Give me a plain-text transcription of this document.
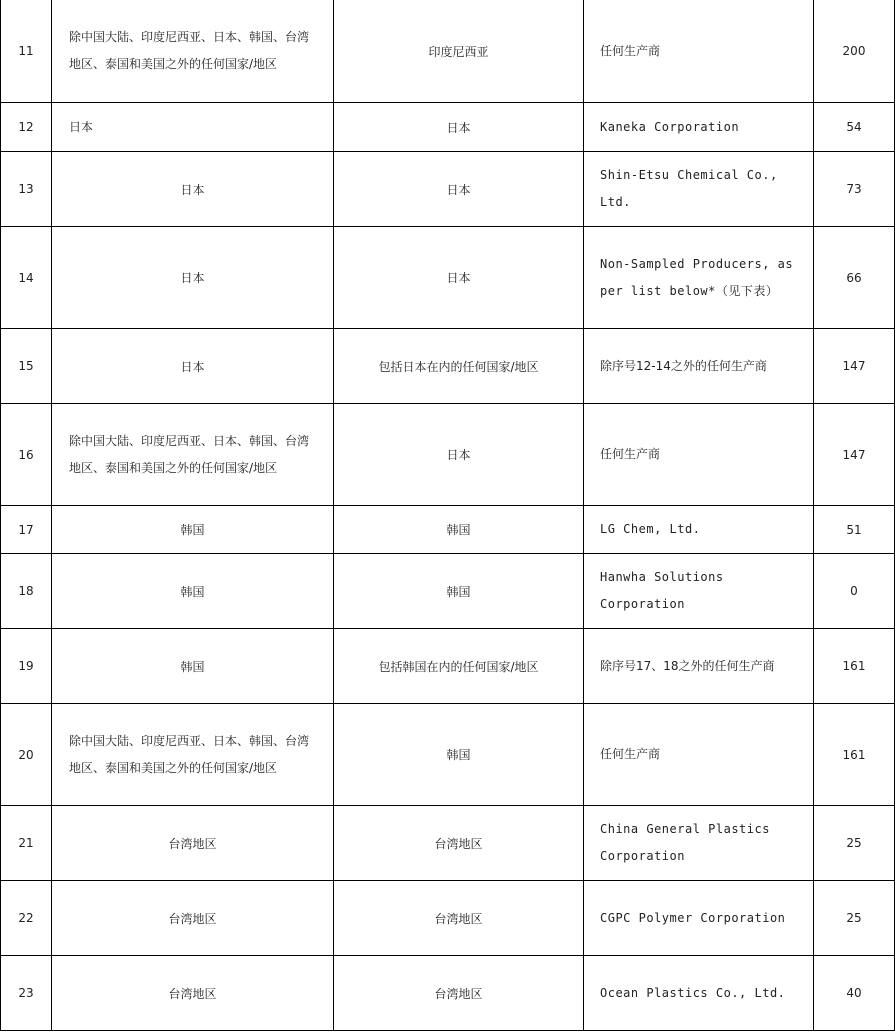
11	除中国大陆、印度尼西亚、日本、韩国、台湾地区、泰国和美国之外的任何国家/地区	印度尼西亚	任何生产商	200
12	日本	日本	Kaneka Corporation	54
13	日本	日本	Shin-Etsu Chemical Co., Ltd.	73
14	日本	日本	Non-Sampled Producers, as per list below*（见下表）	66
15	日本	包括日本在内的任何国家/地区	除序号12-14之外的任何生产商	147
16	除中国大陆、印度尼西亚、日本、韩国、台湾地区、泰国和美国之外的任何国家/地区	日本	任何生产商	147
17	韩国	韩国	LG Chem, Ltd.	51
18	韩国	韩国	Hanwha Solutions Corporation	0
19	韩国	包括韩国在内的任何国家/地区	除序号17、18之外的任何生产商	161
20	除中国大陆、印度尼西亚、日本、韩国、台湾地区、泰国和美国之外的任何国家/地区	韩国	任何生产商	161
21	台湾地区	台湾地区	China General Plastics Corporation	25
22	台湾地区	台湾地区	CGPC Polymer Corporation	25
23	台湾地区	台湾地区	Ocean Plastics Co., Ltd.	40
